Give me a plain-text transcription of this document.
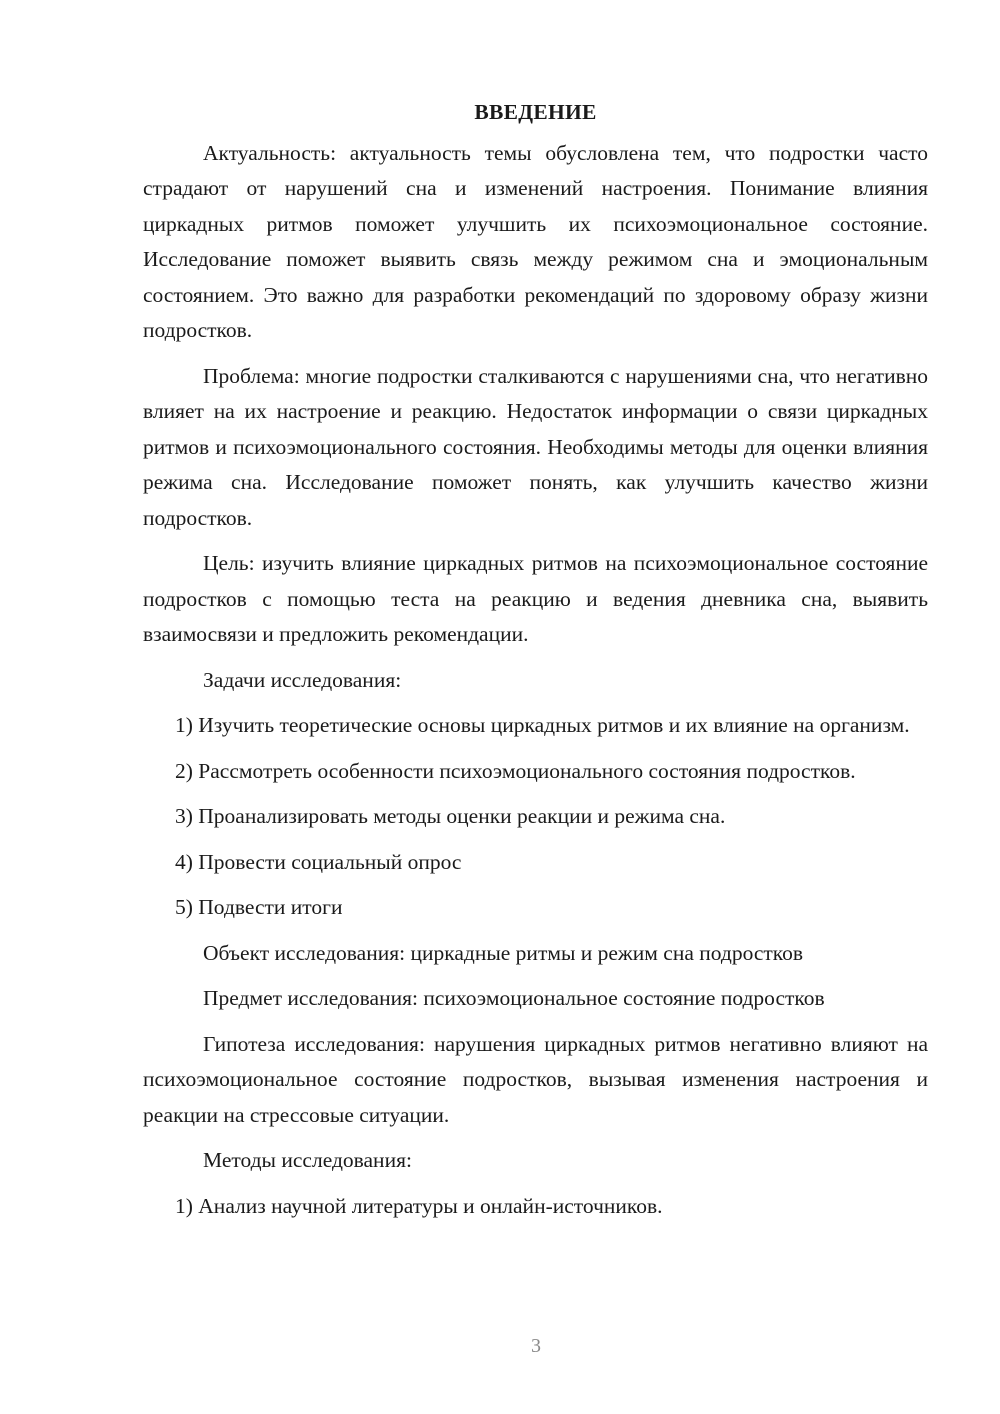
ВВЕДЕНИЕ

Актуальность: актуальность темы обусловлена тем, что подростки часто страдают от нарушений сна и изменений настроения. Понимание влияния циркадных ритмов поможет улучшить их психоэмоциональное состояние. Исследование поможет выявить связь между режимом сна и эмоциональным состоянием. Это важно для разработки рекомендаций по здоровому образу жизни подростков.

Проблема: многие подростки сталкиваются с нарушениями сна, что негативно влияет на их настроение и реакцию. Недостаток информации о связи циркадных ритмов и психоэмоционального состояния. Необходимы методы для оценки влияния режима сна. Исследование поможет понять, как улучшить качество жизни подростков.

Цель: изучить влияние циркадных ритмов на психоэмоциональное состояние подростков с помощью теста на реакцию и ведения дневника сна, выявить взаимосвязи и предложить рекомендации.

Задачи исследования:

1) Изучить теоретические основы циркадных ритмов и их влияние на организм.

2) Рассмотреть особенности психоэмоционального состояния подростков.

3) Проанализировать методы оценки реакции и режима сна.

4) Провести социальный опрос

5) Подвести итоги

Объект исследования: циркадные ритмы и режим сна подростков

Предмет исследования: психоэмоциональное состояние подростков

Гипотеза исследования: нарушения циркадных ритмов негативно влияют на психоэмоциональное состояние подростков, вызывая изменения настроения и реакции на стрессовые ситуации.

Методы исследования:

1) Анализ научной литературы и онлайн-источников.

3
